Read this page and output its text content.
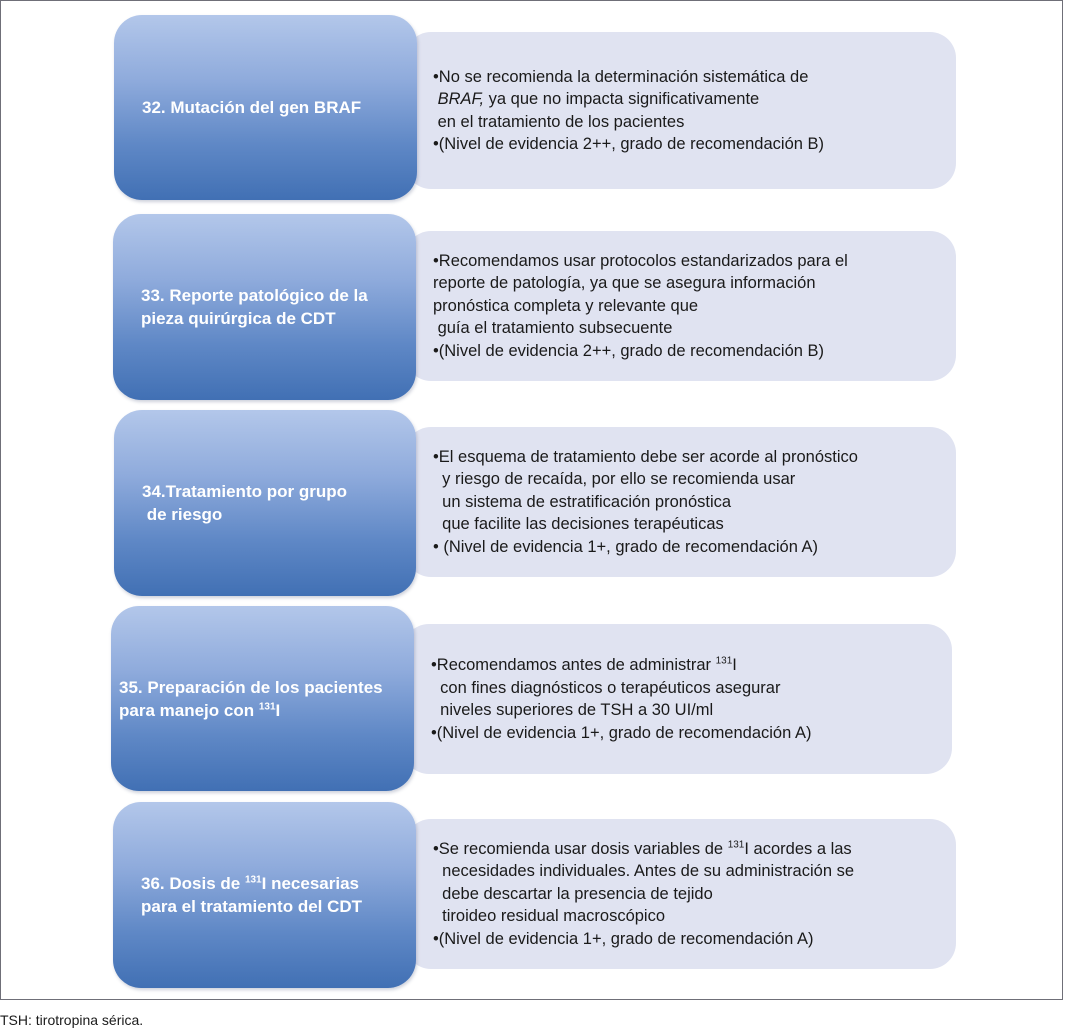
•No se recomienda la determinación sistemática de
BRAF, ya que no impacta significativamente
en el tratamiento de los pacientes
•(Nivel de evidencia 2++, grado de recomendación B)
32. Mutación del gen BRAF
•Recomendamos usar protocolos estandarizados para el
reporte de patología, ya que se asegura información
pronóstica completa y relevante que
guía el tratamiento subsecuente
•(Nivel de evidencia 2++, grado de recomendación B)
33. Reporte patológico de la
pieza quirúrgica de CDT
•El esquema de tratamiento debe ser acorde al pronóstico
y riesgo de recaída, por ello se recomienda usar
un sistema de estratificación pronóstica
que facilite las decisiones terapéuticas
• (Nivel de evidencia 1+, grado de recomendación A)
34.Tratamiento por grupo
de riesgo
•Recomendamos antes de administrar $^{131}$I
con fines diagnósticos o terapéuticos asegurar
niveles superiores de TSH a 30 UI/ml
•(Nivel de evidencia 1+, grado de recomendación A)
35. Preparación de los pacientes
para manejo con $^{131}$I
•Se recomienda usar dosis variables de $^{131}$I acordes a las
necesidades individuales. Antes de su administración se
debe descartar la presencia de tejido
tiroideo residual macroscópico
•(Nivel de evidencia 1+, grado de recomendación A)
36. Dosis de $^{131}$I necesarias
para el tratamiento del CDT
TSH: tirotropina sérica.
